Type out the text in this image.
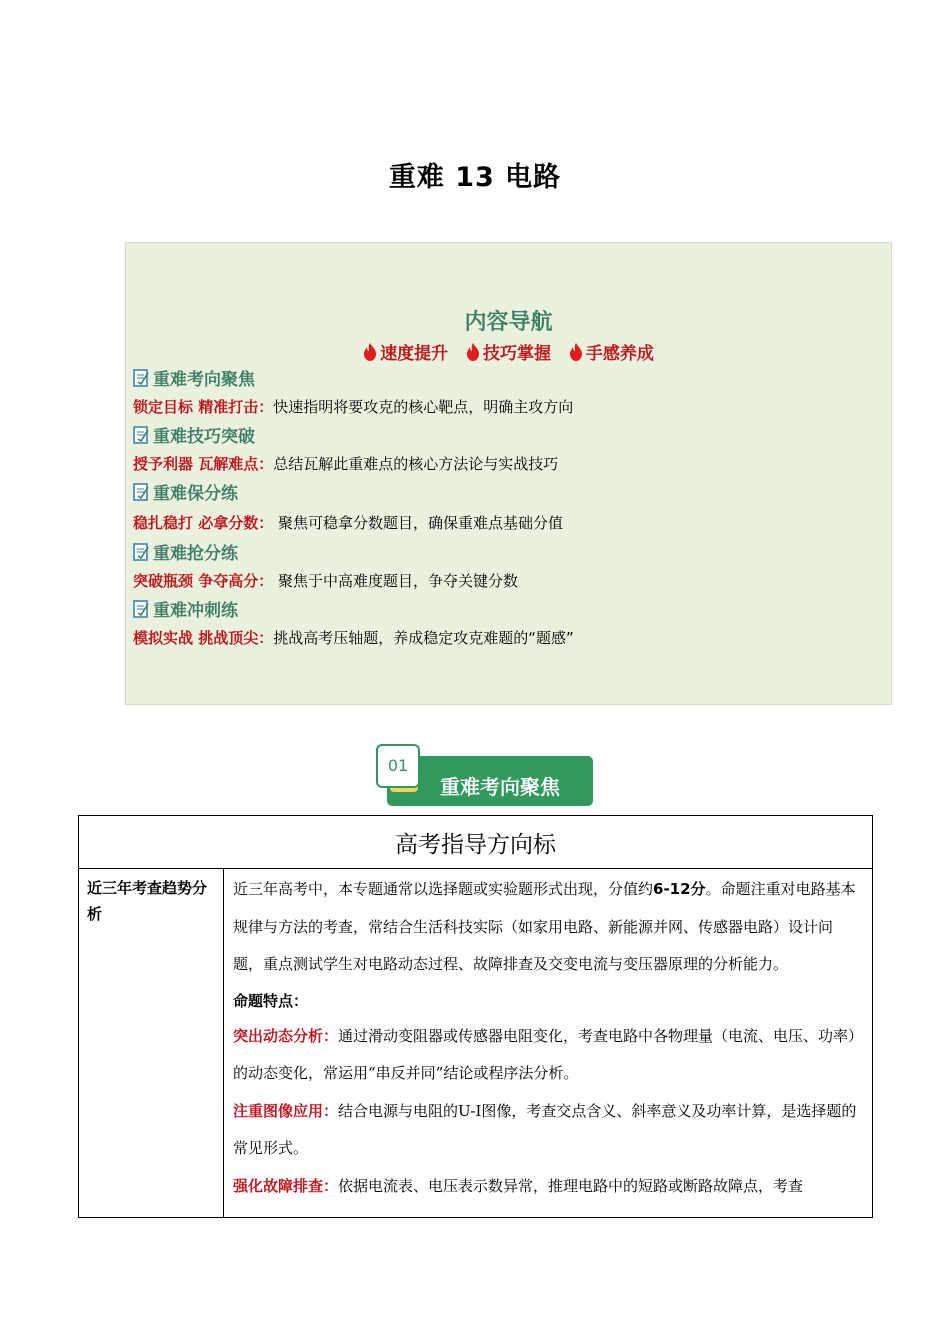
重难 13 电路
内容导航
速度提升 技巧掌握 手感养成
重难考向聚焦
锁定目标 精准打击：快速指明将要攻克的核心靶点，明确主攻方向
重难技巧突破
授予利器 瓦解难点：总结瓦解此重难点的核心方法论与实战技巧
重难保分练
稳扎稳打 必拿分数： 聚焦可稳拿分数题目，确保重难点基础分值
重难抢分练
突破瓶颈 争夺高分： 聚焦于中高难度题目，争夺关键分数
重难冲刺练
模拟实战 挑战顶尖：挑战高考压轴题，养成稳定攻克难题的“题感”
01
重难考向聚焦
高考指导方向标
近三年考查趋势分析	

近三年高考中，本专题通常以选择题或实验题形式出现，分值约6-12分。命题注重对电路基本规律与方法的考查，常结合生活科技实际（如家用电路、新能源并网、传感器电路）设计问题，重点测试学生对电路动态过程、故障排查及交变电流与变压器原理的分析能力。

命题特点：

突出动态分析：通过滑动变阻器或传感器电阻变化，考查电路中各物理量（电流、电压、功率）的动态变化，常运用“串反并同”结论或程序法分析。

注重图像应用：结合电源与电阻的U-I图像，考查交点含义、斜率意义及功率计算，是选择题的常见形式。

强化故障排查：依据电流表、电压表示数异常，推理电路中的短路或断路故障点，考查
